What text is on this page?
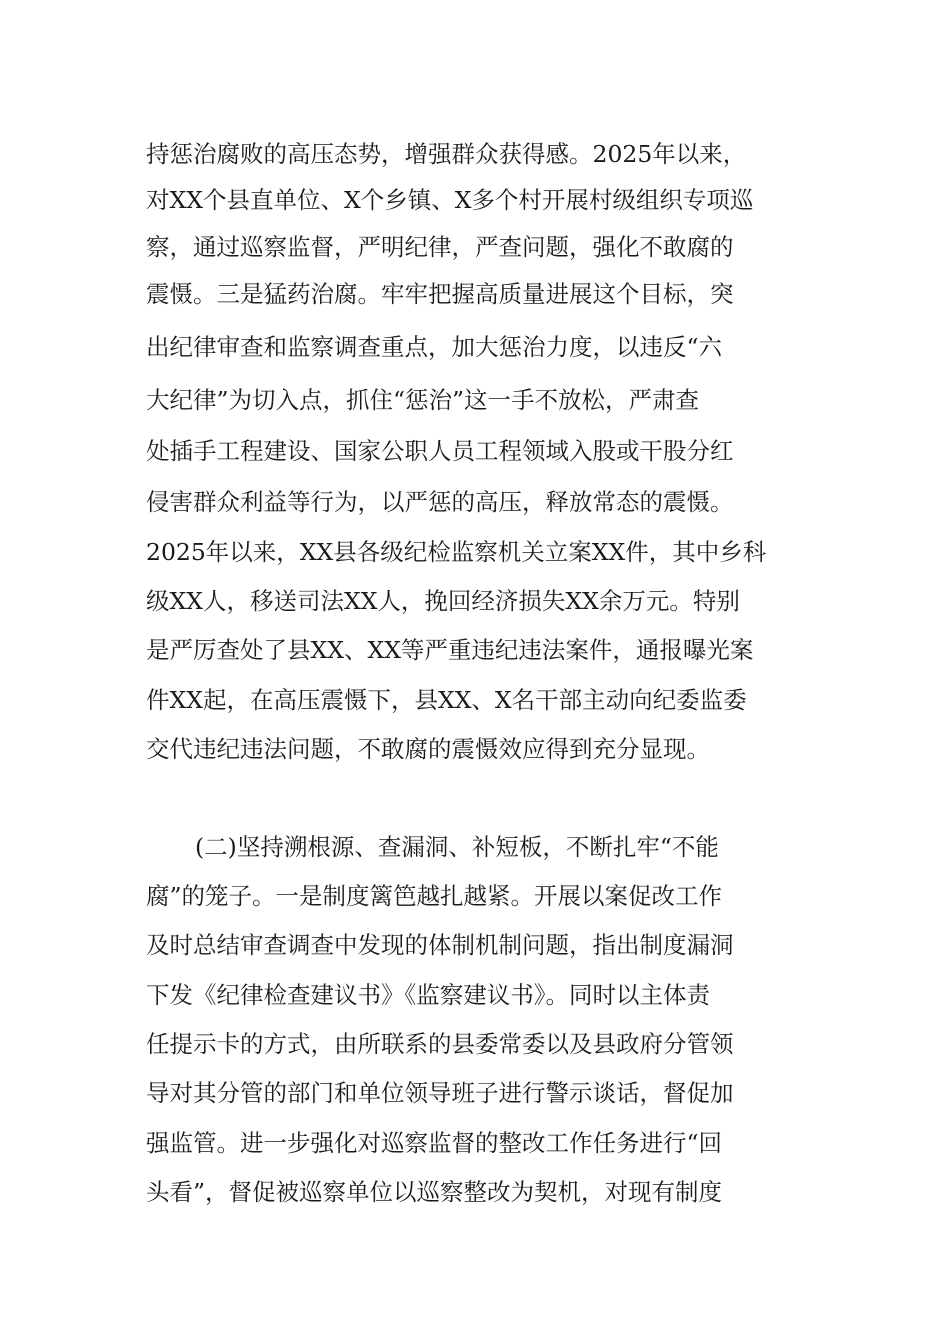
持惩治腐败的高压态势，增强群众获得感。2025年以来，
对XX个县直单位、X个乡镇、X多个村开展村级组织专项巡
察，通过巡察监督，严明纪律，严查问题，强化不敢腐的
震慑。三是猛药治腐。牢牢把握高质量进展这个目标，突
出纪律审查和监察调查重点，加大惩治力度，以违反“六
大纪律”为切入点，抓住“惩治”这一手不放松，严肃查
处插手工程建设、国家公职人员工程领域入股或干股分红
侵害群众利益等行为，以严惩的高压，释放常态的震慑。
2025年以来，XX县各级纪检监察机关立案XX件，其中乡科
级XX人，移送司法XX人，挽回经济损失XX余万元。特别
是严厉查处了县XX、XX等严重违纪违法案件，通报曝光案
件XX起，在高压震慑下，县XX、X名干部主动向纪委监委
交代违纪违法问题，不敢腐的震慑效应得到充分显现。
(二)坚持溯根源、查漏洞、补短板，不断扎牢“不能
腐”的笼子。一是制度篱笆越扎越紧。开展以案促改工作
及时总结审查调查中发现的体制机制问题，指出制度漏洞
下发《纪律检查建议书》《监察建议书》。同时以主体责
任提示卡的方式，由所联系的县委常委以及县政府分管领
导对其分管的部门和单位领导班子进行警示谈话，督促加
强监管。进一步强化对巡察监督的整改工作任务进行“回
头看”，督促被巡察单位以巡察整改为契机，对现有制度
